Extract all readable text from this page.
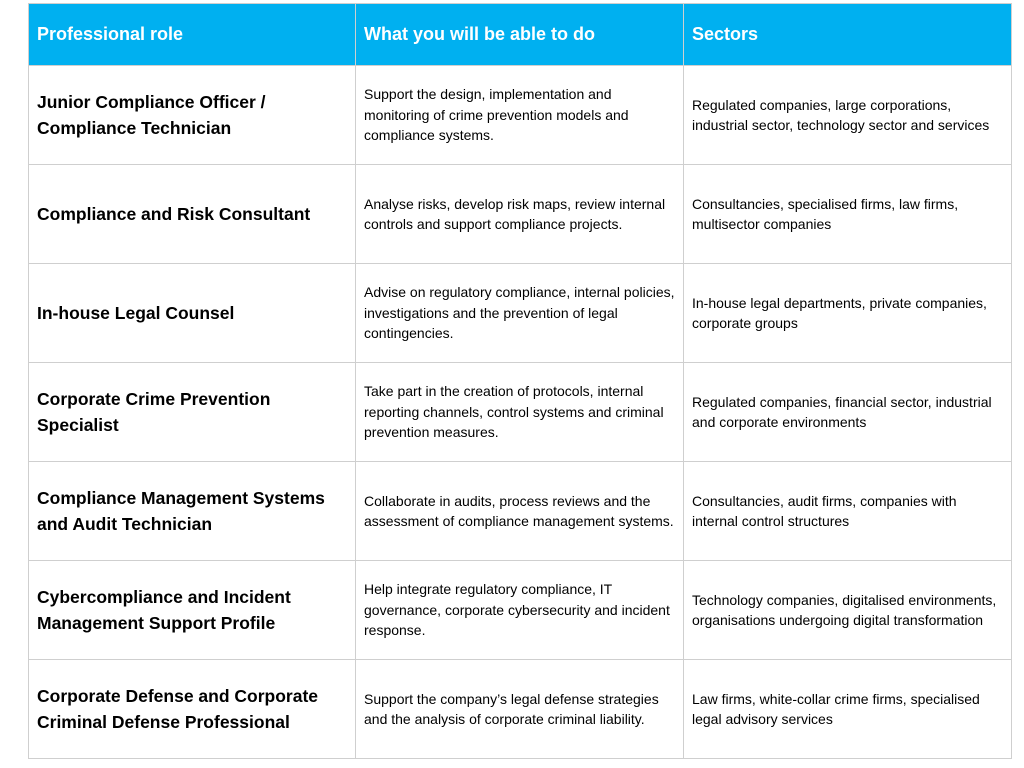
Professional role	What you will be able to do	Sectors
Junior Compliance Officer / Compliance Technician	Support the design, implementation and monitoring of crime prevention models and compliance systems.	Regulated companies, large corporations, industrial sector, technology sector and services
Compliance and Risk Consultant	Analyse risks, develop risk maps, review internal controls and support compliance projects.	Consultancies, specialised firms, law firms, multisector companies
In-house Legal Counsel	Advise on regulatory compliance, internal policies, investigations and the prevention of legal contingencies.	In-house legal departments, private companies, corporate groups
Corporate Crime Prevention Specialist	Take part in the creation of protocols, internal reporting channels, control systems and criminal prevention measures.	Regulated companies, financial sector, industrial and corporate environments
Compliance Management Systems and Audit Technician	Collaborate in audits, process reviews and the assessment of compliance management systems.	Consultancies, audit firms, companies with internal control structures
Cybercompliance and Incident Management Support Profile	Help integrate regulatory compliance, IT governance, corporate cybersecurity and incident response.	Technology companies, digitalised environments, organisations undergoing digital transformation
Corporate Defense and Corporate Criminal Defense Professional	Support the company’s legal defense strategies and the analysis of corporate criminal liability.	Law firms, white-collar crime firms, specialised legal advisory services
